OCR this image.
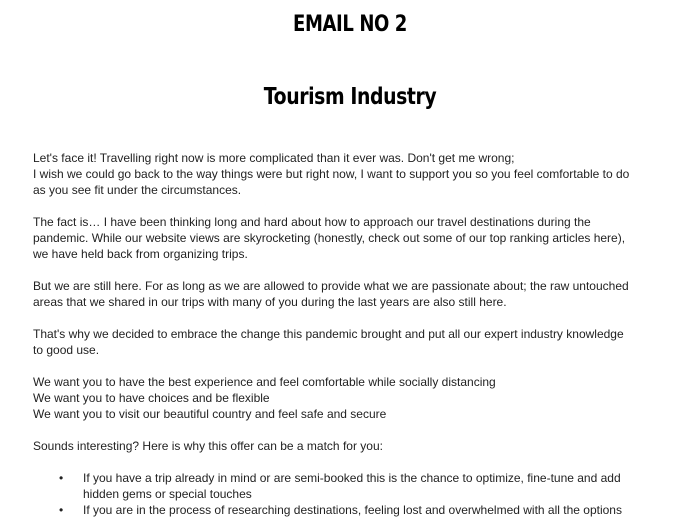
EMAIL NO 2
Tourism Industry

Let's face it! Travelling right now is more complicated than it ever was. Don't get me wrong;
I wish we could go back to the way things were but right now, I want to support you so you feel comfortable to do
as you see fit under the circumstances.

The fact is… I have been thinking long and hard about how to approach our travel destinations during the
pandemic. While our website views are skyrocketing (honestly, check out some of our top ranking articles here),
we have held back from organizing trips.

But we are still here. For as long as we are allowed to provide what we are passionate about; the raw untouched
areas that we shared in our trips with many of you during the last years are also still here.

That's why we decided to embrace the change this pandemic brought and put all our expert industry knowledge
to good use.

We want you to have the best experience and feel comfortable while socially distancing
We want you to have choices and be flexible
We want you to visit our beautiful country and feel safe and secure

Sounds interesting? Here is why this offer can be a match for you:

• If you have a trip already in mind or are semi-booked this is the chance to optimize, fine-tune and add
hidden gems or special touches
• If you are in the process of researching destinations, feeling lost and overwhelmed with all the options
